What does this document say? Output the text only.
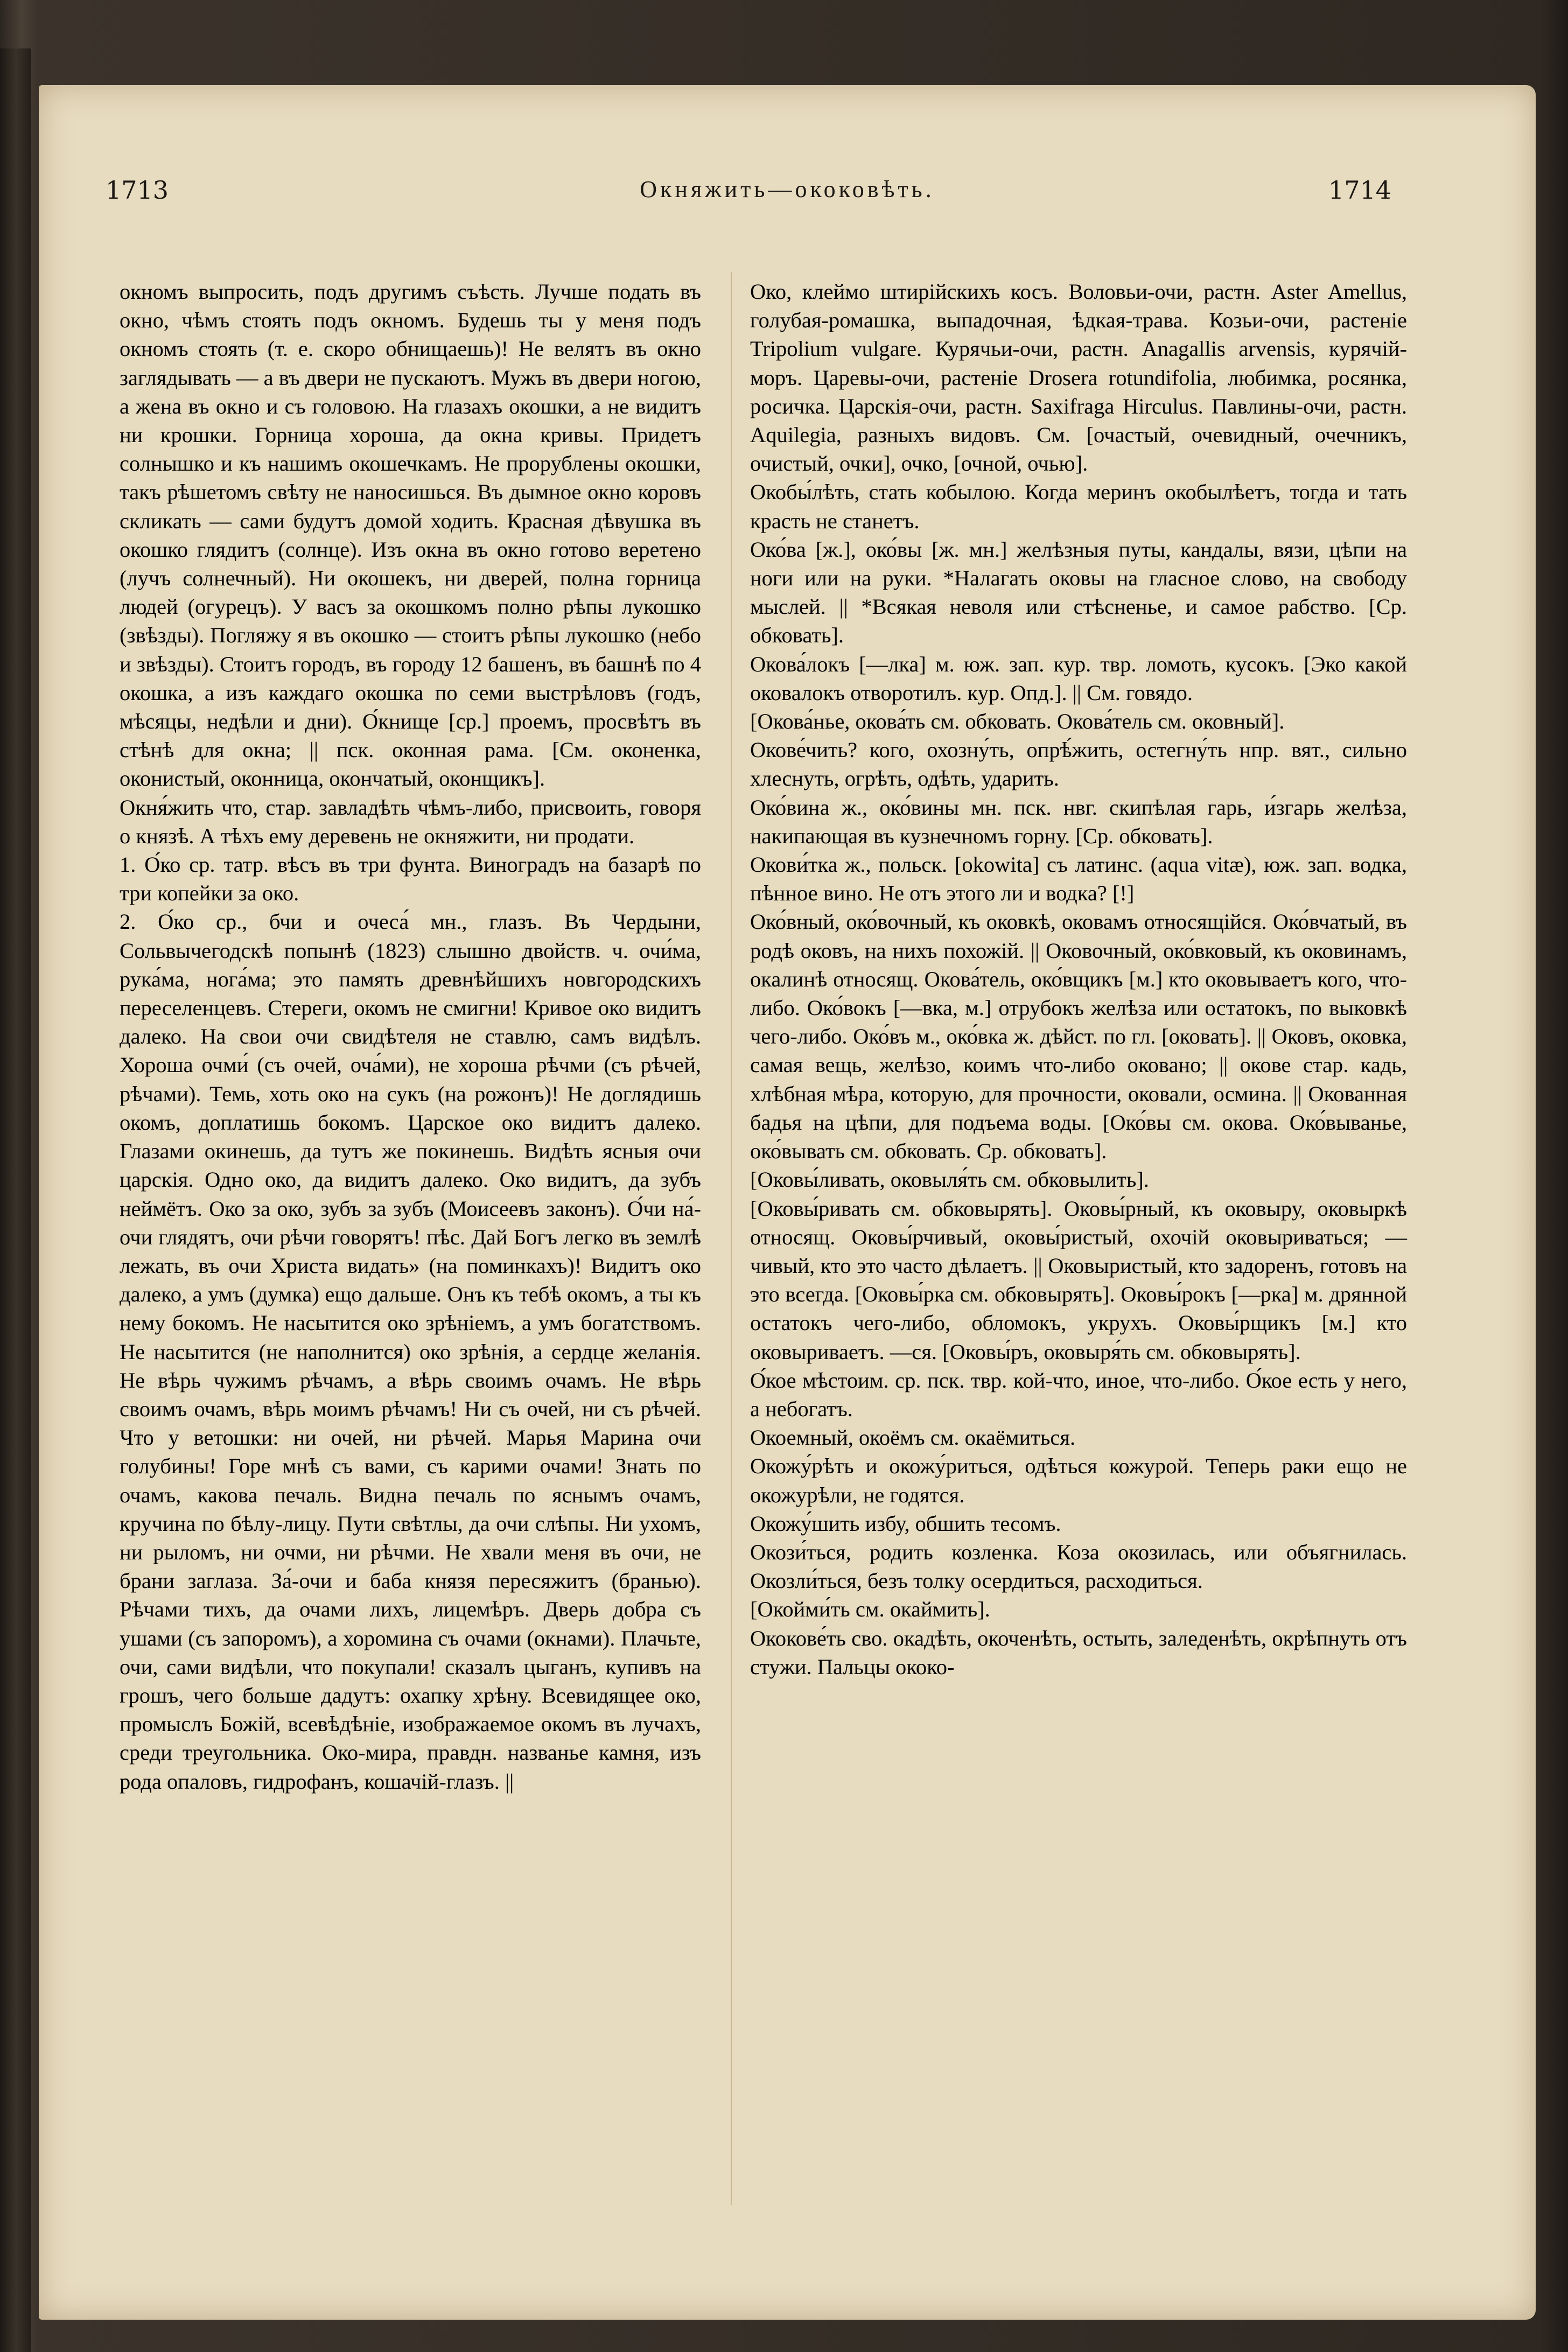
1713	Окняжить—ококовѣть.	1714

окномъ выпросить, подъ другимъ съѣсть. Лучше подать въ окно, чѣмъ стоять подъ окномъ. Будешь ты у меня подъ окномъ стоять (т. е. скоро обнищаешь)! Не велятъ въ окно заглядывать — а въ двери не пускаютъ. Мужъ въ двери ногою, а жена въ окно и съ головою. На глазахъ окошки, а не видитъ ни крошки. Горница хороша, да окна кривы. Придетъ солнышко и къ нашимъ окошечкамъ. Не прорублены окошки, такъ рѣшетомъ свѣту не наносишься. Въ дымное окно коровъ скликать — сами будутъ домой ходить. Красная дѣвушка въ окошко глядитъ (солнце). Изъ окна въ окно готово веретено (лучъ солнечный). Ни окошекъ, ни дверей, полна горница людей (огурецъ). У васъ за окошкомъ полно рѣпы лукошко (звѣзды). Погляжу я въ окошко — стоитъ рѣпы лукошко (небо и звѣзды). Стоитъ городъ, въ городу 12 башенъ, въ башнѣ по 4 окошка, а изъ каждаго окошка по семи выстрѣловъ (годъ, мѣсяцы, недѣли и дни). О́книще [ср.] проемъ, просвѣтъ въ стѣнѣ для окна; || пск. оконная рама. [См. оконенка, оконистый, оконница, окончатый, оконщикъ].

Окня́жить что, стар. завладѣть чѣмъ-либо, присвоить, говоря о князѣ. А тѣхъ ему деревень не окняжити, ни продати.

1. О́ко ср. татр. вѣсъ въ три фунта. Виноградъ на базарѣ по три копейки за око.

2. О́ко ср., бчи и очеса́ мн., глазъ. Въ Чердыни, Сольвычегодскѣ попынѣ (1823) слышно двойств. ч. очи́ма, рука́ма, нога́ма; это память древнѣйшихъ новгородскихъ переселенцевъ. Стереги, окомъ не смигни! Кривое око видитъ далеко. На свои очи свидѣтеля не ставлю, самъ видѣлъ. Хороша очми́ (съ очей, оча́ми), не хороша рѣчми (съ рѣчей, рѣчами). Темь, хоть око на сукъ (на рожонъ)! Не доглядишь окомъ, доплатишь бокомъ. Царское око видитъ далеко. Глазами окинешь, да тутъ же покинешь. Видѣть ясныя очи царскія. Одно око, да видитъ далеко. Око видитъ, да зубъ неймётъ. Око за око, зубъ за зубъ (Моисеевъ законъ). О́чи на́-очи глядятъ, очи рѣчи говорятъ! пѣс. Дай Богъ легко въ землѣ лежать, въ очи Христа видать» (на поминкахъ)! Видитъ око далеко, а умъ (думка) ещо дальше. Онъ къ тебѣ окомъ, а ты къ нему бокомъ. Не насытится око зрѣніемъ, а умъ богатствомъ. Не насытится (не наполнится) око зрѣнія, а сердце желанія. Не вѣрь чужимъ рѣчамъ, а вѣрь своимъ очамъ. Не вѣрь своимъ очамъ, вѣрь моимъ рѣчамъ! Ни съ очей, ни съ рѣчей. Что у ветошки: ни очей, ни рѣчей. Марья Марина очи голубины! Горе мнѣ съ вами, съ карими очами! Знать по очамъ, какова печаль. Видна печаль по яснымъ очамъ, кручина по бѣлу-лицу. Пути свѣтлы, да очи слѣпы. Ни ухомъ, ни рыломъ, ни очми, ни рѣчми. Не хвали меня въ очи, не брани заглаза. За́-очи и баба князя пересяжитъ (бранью). Рѣчами тихъ, да очами лихъ, лицемѣръ. Дверь добра съ ушами (съ запоромъ), а хоромина съ очами (окнами). Плачьте, очи, сами видѣли, что покупали! сказалъ цыганъ, купивъ на грошъ, чего больше дадутъ: охапку хрѣну. Всевидящее око, промыслъ Божій, всевѣдѣніе, изображаемое окомъ въ лучахъ, среди треугольника. Око-мира, правдн. названье камня, изъ рода опаловъ, гидрофанъ, кошачій-глазъ. ||

Око, клеймо штирійскихъ косъ. Воловьи-очи, растн. Aster Amellus, голубая-ромашка, выпадочная, ѣдкая-трава. Козьи-очи, растеніе Tripolium vulgare. Курячьи-очи, растн. Anagallis arvensis, курячій-моръ. Царевы-очи, растеніе Drosera rotundifolia, любимка, росянка, росичка. Царскія-очи, растн. Saxifraga Hirculus. Павлины-очи, растн. Aquilegia, разныхъ видовъ. См. [очастый, очевидный, очечникъ, очистый, очки], очко, [очной, очью].

Окобы́лѣть, стать кобылою. Когда меринъ окобылѣетъ, тогда и тать красть не станетъ.

Око́ва [ж.], око́вы [ж. мн.] желѣзныя путы, кандалы, вязи, цѣпи на ноги или на руки. *Налагать оковы на гласное слово, на свободу мыслей. || *Всякая неволя или стѣсненье, и самое рабство. [Ср. обковать].

Окова́локъ [—лка] м. юж. зап. кур. твр. ломоть, кусокъ. [Эко какой оковалокъ отворотилъ. кур. Опд.]. || См. говядо.

[Окова́нье, окова́ть см. обковать. Окова́тель см. оковный].

Окове́чить? кого, охозну́ть, опрѣ́жить, остегну́ть нпр. вят., сильно хлеснуть, огрѣть, одѣть, ударить.

Око́вина ж., око́вины мн. пск. нвг. скипѣлая гарь, и́згарь желѣза, накипающая въ кузнечномъ горну. [Ср. обковать].

Окови́тка ж., польск. [okowita] съ латинс. (aqua vitæ), юж. зап. водка, пѣнное вино. Не отъ этого ли и водка? [!]

Око́вный, око́вочный, къ оковкѣ, оковамъ относящійся. Око́вчатый, въ родѣ оковъ, на нихъ похожій. || Оковочный, око́вковый, къ оковинамъ, окалинѣ относящ. Окова́тель, око́вщикъ [м.] кто оковываетъ кого, что-либо. Око́вокъ [—вка, м.] отрубокъ желѣза или остатокъ, по выковкѣ чего-либо. Око́въ м., око́вка ж. дѣйст. по гл. [оковать]. || Оковъ, оковка, самая вещь, желѣзо, коимъ что-либо оковано; || окове стар. кадь, хлѣбная мѣра, которую, для прочности, оковали, осмина. || Окованная бадья на цѣпи, для подъема воды. [Око́вы см. окова. Око́выванье, око́вывать см. обковать. Ср. обковать].

[Оковы́ливать, оковыля́ть см. обковылить].

[Оковы́ривать см. обковырять]. Оковы́рный, къ оковыру, оковыркѣ относящ. Оковы́рчивый, оковы́ристый, охочій оковыриваться; —чивый, кто это часто дѣлаетъ. || Оковыристый, кто задоренъ, готовъ на это всегда. [Оковы́рка см. обковырять]. Оковы́рокъ [—рка] м. дрянной остатокъ чего-либо, обломокъ, укрухъ. Оковы́рщикъ [м.] кто оковыриваетъ. —ся. [Оковы́ръ, оковыря́ть см. обковырять].

О́кое мѣстоим. ср. пск. твр. кой-что, иное, что-либо. О́кое есть у него, а небогатъ.

Окоемный, окоёмъ см. окаёмиться.

Окожу́рѣть и окожу́риться, одѣться кожурой. Теперь раки ещо не окожурѣли, не годятся.

Окожу́шить избу, обшить тесомъ.

Окози́ться, родить козленка. Коза окозилась, или объягнилась. Окозли́ться, безъ толку осердиться, расходиться.

[Окойми́ть см. окаймить].

Ококове́ть сво. окадѣть, окоченѣть, остыть, заледенѣть, окрѣпнуть отъ стужи. Пальцы ококо-
